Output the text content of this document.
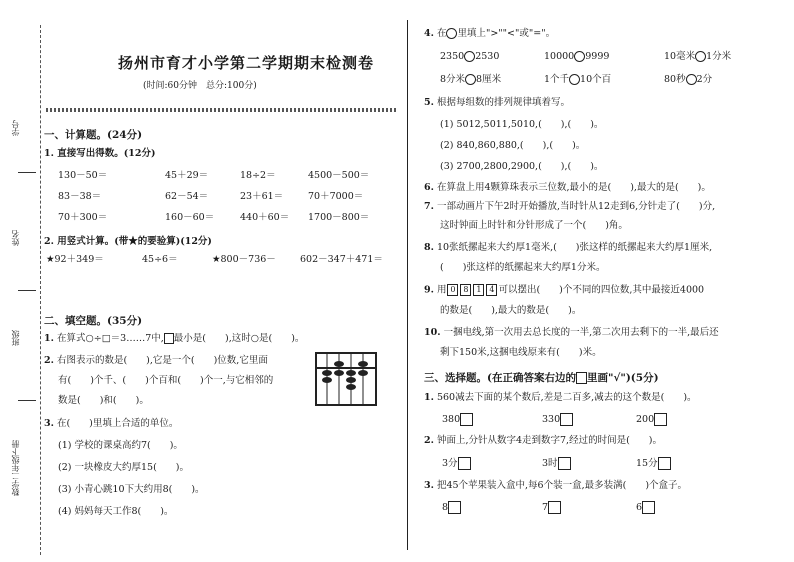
学号
姓名
班级
数学二年级下册
扬州市育才小学第二学期期末检测卷
(时间:60分钟　总分:100分)
一、计算题。(24分)
1. 直接写出得数。(12分)
130－50＝	45＋29＝	18÷2＝	4500－500＝
83－38＝	62－54＝	23＋61＝	70＋7000＝
70＋300＝	160－60＝	440＋60＝ 1700－800＝
2. 用竖式计算。(带★的要验算)(12分)
★92＋349＝	45÷6＝	★800－736－	602－347＋471＝
二、填空题。(35分)
1. 在算式○÷□＝3……7中, 最小是(　　),这时○是(　　)。
2. 右图表示的数是(　　),它是一个(　　)位数,它里面
有(　　)个千、(　　)个百和(　　)个一,与它相邻的
数是(　　)和(　　)。
3. 在(　　)里填上合适的单位。
(1) 学校的课桌高约7(　　)。
(2) 一块橡皮大约厚15(　　)。
(3) 小青心跳10下大约用8(　　)。
(4) 妈妈每天工作8(　　)。
4. 在 里填上">""<"或"="。
2350 2530	10000 9999	10毫米 1分米
8分米 8厘米	1个千 10个百	80秒 2分
5. 根据每组数的排列规律填着写。
(1) 5012,5011,5010,(　　),(　　)。
(2) 840,860,880,(　　),(　　)。
(3) 2700,2800,2900,(　　),(　　)。
6. 在算盘上用4颗算珠表示三位数,最小的是(　　),最大的是(　　)。
7. 一部动画片下午2时开始播放,当时针从12走到6,分针走了(　　)分,
这时钟面上时针和分针形成了一个(　　)角。
8. 10张纸摞起来大约厚1毫米,(　　)张这样的纸摞起来大约厚1厘米,
(　　)张这样的纸摞起来大约厚1分米。
9. 用 0 8 1 4 可以摆出(　　)个不同的四位数,其中最接近4000
的数是(　　),最大的数是(　　)。
10. 一捆电线,第一次用去总长度的一半,第二次用去剩下的一半,最后还
剩下150米,这捆电线原来有(　　)米。
三、选择题。(在正确答案右边的 里画"√")(5分)
1. 560减去下面的某个数后,差是二百多,减去的这个数是(　　)。
380	330	200
2. 钟面上,分针从数字4走到数字7,经过的时间是(　　)。
3分	3时	15分
3. 把45个苹果装入盒中,每6个装一盒,最多装满(　　)个盒子。
8	7	6
